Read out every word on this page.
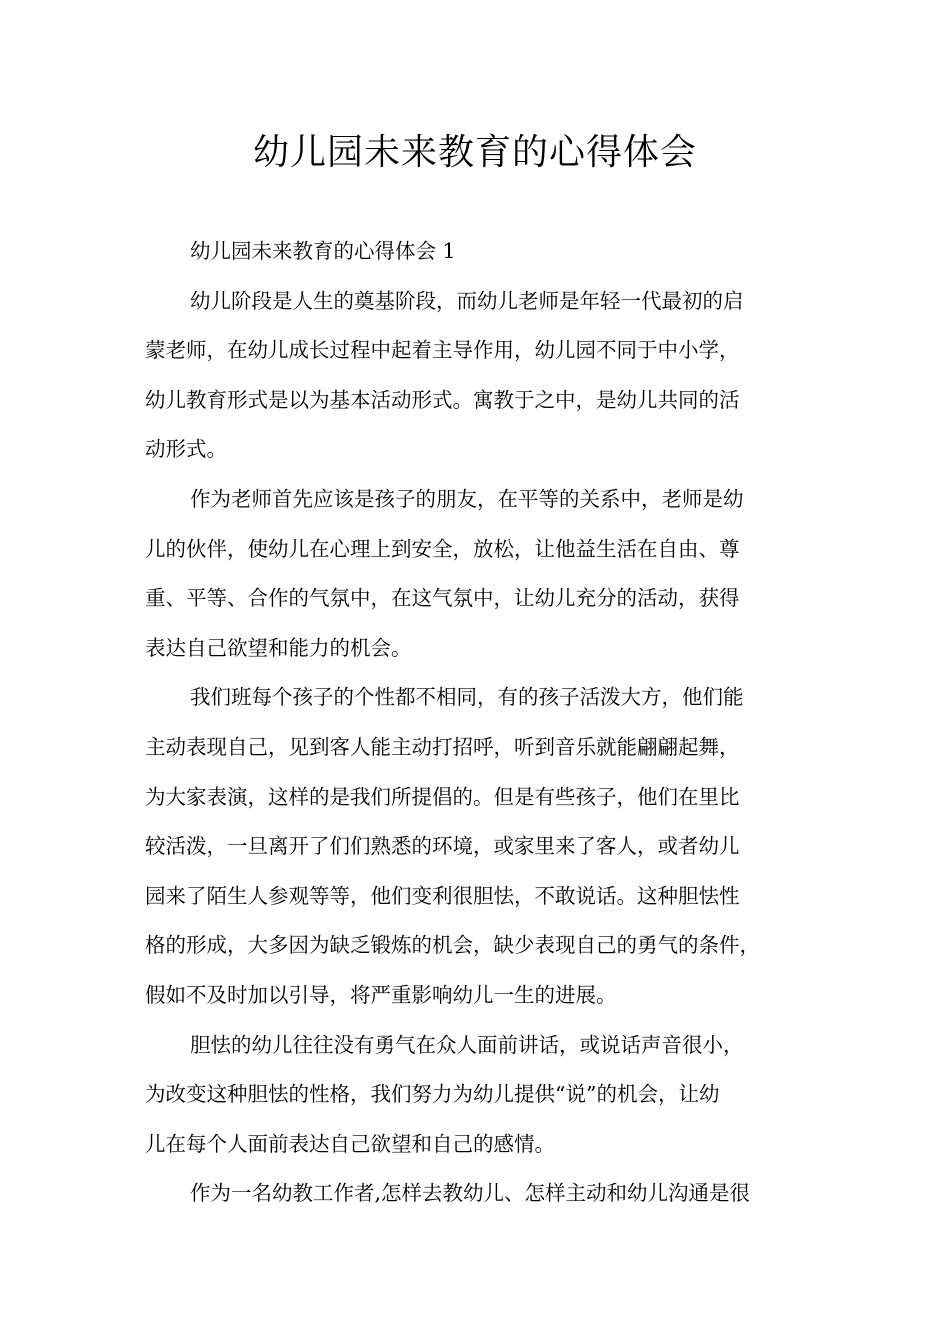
幼儿园未来教育的心得体会

幼儿园未来教育的心得体会 1

幼儿阶段是人生的奠基阶段，而幼儿老师是年轻一代最初的启
蒙老师，在幼儿成长过程中起着主导作用，幼儿园不同于中小学，
幼儿教育形式是以为基本活动形式。寓教于之中，是幼儿共同的活
动形式。

作为老师首先应该是孩子的朋友，在平等的关系中，老师是幼
儿的伙伴，使幼儿在心理上到安全，放松，让他益生活在自由、尊
重、平等、合作的气氛中，在这气氛中，让幼儿充分的活动，获得
表达自己欲望和能力的机会。

我们班每个孩子的个性都不相同，有的孩子活泼大方，他们能
主动表现自己，见到客人能主动打招呼，听到音乐就能翩翩起舞，
为大家表演，这样的是我们所提倡的。但是有些孩子，他们在里比
较活泼，一旦离开了们们熟悉的环境，或家里来了客人，或者幼儿
园来了陌生人参观等等，他们变利很胆怯，不敢说话。这种胆怯性
格的形成，大多因为缺乏锻炼的机会，缺少表现自己的勇气的条件，
假如不及时加以引导，将严重影响幼儿一生的进展。

胆怯的幼儿往往没有勇气在众人面前讲话，或说话声音很小，
为改变这种胆怯的性格，我们努力为幼儿提供“说”的机会，让幼
儿在每个人面前表达自己欲望和自己的感情。

作为一名幼教工作者,怎样去教幼儿、怎样主动和幼儿沟通是很
